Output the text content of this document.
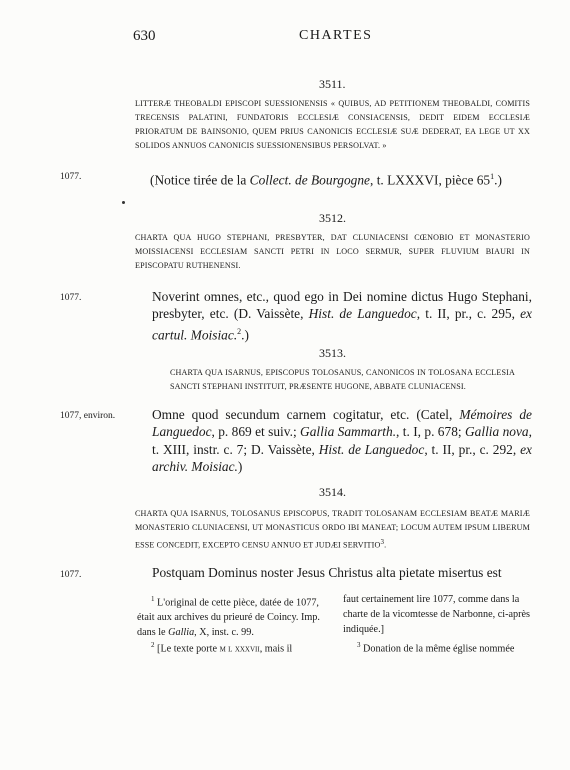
630	CHARTES
3511.
LITTERÆ THEOBALDI EPISCOPI SUESSIONENSIS « QUIBUS, AD PETITIONEM THEOBALDI, COMITIS TRECENSIS PALATINI, FUNDATORIS ECCLESIÆ CONSIACENSIS, DEDIT EIDEM ECCLESIÆ PRIORATUM DE BAINSONIO, QUEM PRIUS CANONICIS ECCLESIÆ SUÆ DEDERAT, EA LEGE UT XX SOLIDOS ANNUOS CANONICIS SUESSIONENSIBUS PERSOLVAT. »
1077.	(Notice tirée de la Collect. de Bourgogne, t. LXXXVI, pièce $65^1$.)
3512.
CHARTA QUA HUGO STEPHANI, PRESBYTER, DAT CLUNIACENSI CŒNOBIO ET MONASTERIO MOISSIACENSI ECCLESIAM SANCTI PETRI IN LOCO SERMUR, SUPER FLUVIUM BIAURI IN EPISCOPATU RUTHENENSI.
1077.	Noverint omnes, etc., quod ego in Dei nomine dictus Hugo Stephani, presbyter, etc. (D. Vaissète, Hist. de Languedoc, t. II, pr., c. 295, ex cartul. Moisiac.$^2$.)
3513.
CHARTA QUA ISARNUS, EPISCOPUS TOLOSANUS, CANONICOS IN TOLOSANA ECCLESIA SANCTI STEPHANI INSTITUIT, PRÆSENTE HUGONE, ABBATE CLUNIACENSI.
1077, environ.	Omne quod secundum carnem cogitatur, etc. (Catel, Mémoires de Languedoc, p. 869 et suiv.; Gallia Sammarth., t. I, p. 678; Gallia nova, t. XIII, instr. c. 7; D. Vaissète, Hist. de Languedoc, t. II, pr., c. 292, ex archiv. Moisiac.)
3514.
CHARTA QUA ISARNUS, TOLOSANUS EPISCOPUS, TRADIT TOLOSANAM ECCLESIAM BEATÆ MARIÆ MONASTERIO CLUNIACENSI, UT MONASTICUS ORDO IBI MANEAT; LOCUM AUTEM IPSUM LIBERUM ESSE CONCEDIT, EXCEPTO CENSU ANNUO ET JUDÆI SERVITIO$^3$.
1077.	Postquam Dominus noster Jesus Christus alta pietate misertus est
$^1$ L'original de cette pièce, datée de 1077, était aux archives du prieuré de Coincy. Imp. dans le Gallia, X, inst. c. 99.
$^2$ [Le texte porte m l xxxvii, mais il
faut certainement lire 1077, comme dans la charte de la vicomtesse de Narbonne, ci-après indiquée.]
$^3$ Donation de la même église nommée
